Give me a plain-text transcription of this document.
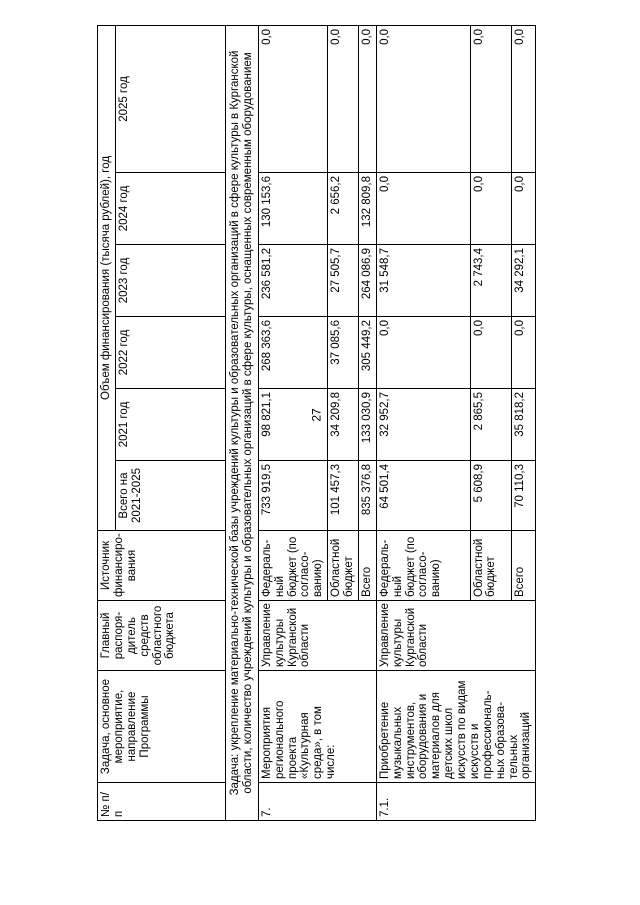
27
№ п/п	Задача, основное мероприятие, направление Программы	Главный распоря-дитель средств областного бюджета	Источник финансиро-вания	Объем финансирования (тысяча рублей), год					
				Всего на 2021-2025	2021 год	2022 год	2023 год	2024 год	2025 год
Задача: укрепление материально-технической базы учреждений культуры и образовательных организаций в сфере культуры в Курганской области, количество учреждений культуры и образовательных организаций в сфере культуры, оснащенных современным оборудованием									
7.	Мероприятия регионального проекта «Культурная среда», в том числе:	Управление культуры Курганской области	Федераль-ный бюджет (по согласо-ванию)	733 919,5	98 821,1	268 363,6	236 581,2	130 153,6	0,0
			Областной бюджет	101 457,3	34 209,8	37 085,6	27 505,7	2 656,2	0,0
			Всего	835 376,8	133 030,9	305 449,2	264 086,9	132 809,8	0,0
7.1.	Приобретение музыкальных инструментов, оборудования и материалов для детских школ искусств по видам искусств и профессиональ-ных образова-тельных организаций	Управление культуры Курганской области	Федераль-ный бюджет (по согласо-ванию)	64 501,4	32 952,7	0,0	31 548,7	0,0	0,0
			Областной бюджет	5 608,9	2 865,5	0,0	2 743,4	0,0	0,0
			Всего	70 110,3	35 818,2	0,0	34 292,1	0,0	0,0
